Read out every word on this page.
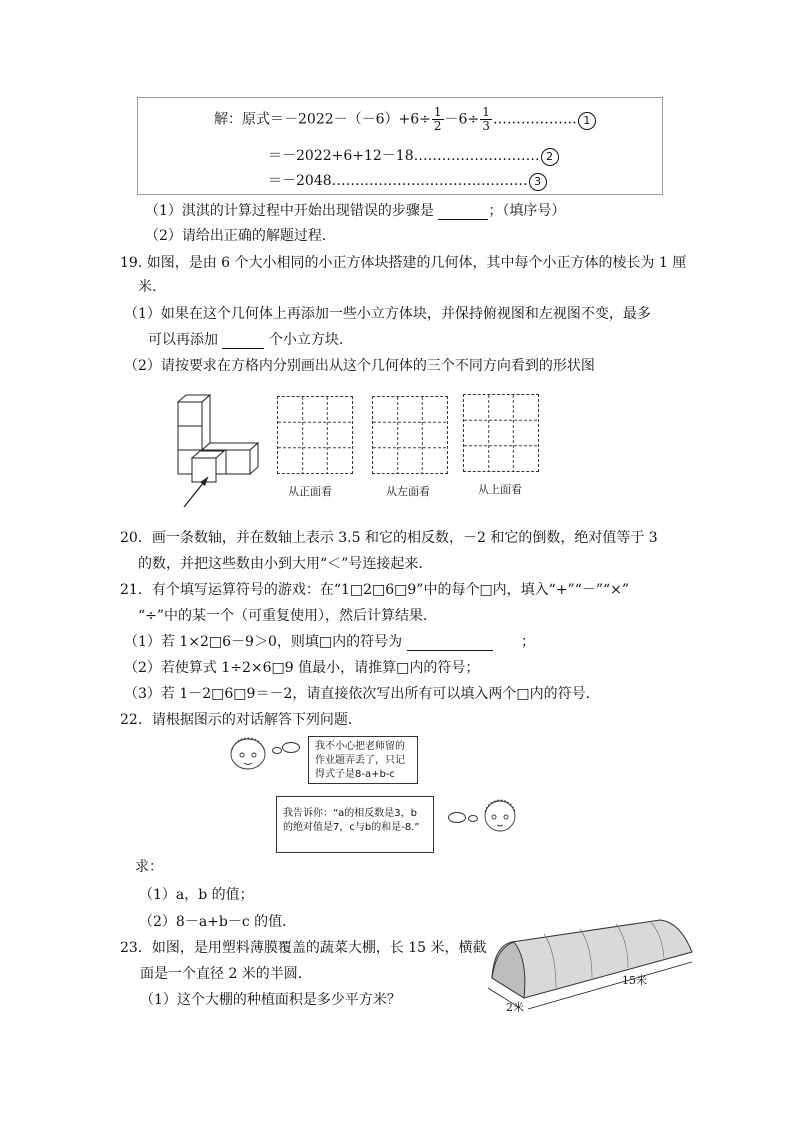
解：原式$=-2022-(-6)+6\div \frac{1}{2} -6\div \frac{1}{3}$ ……………… 1
＝－2022+6+12－18……………………… 2
＝－2048…………………………………… 3
（1）淇淇的计算过程中开始出现错误的步骤是	；（填序号）
（2）请给出正确的解题过程．
19. 如图，是由 6 个大小相同的小正方体块搭建的几何体，其中每个小正方体的棱长为 1 厘
米.
（1）如果在这个几何体上再添加一些小立方体块，并保持俯视图和左视图不变，最多
可以再添加	个小立方块.
（2）请按要求在方格内分别画出从这个几何体的三个不同方向看到的形状图
从正面看	从左面看	从上面看
20．画一条数轴，并在数轴上表示 3.5 和它的相反数，－2 和它的倒数，绝对值等于 3
的数，并把这些数由小到大用“＜”号连接起来．
21．有个填写运算符号的游戏：在“1□2□6□9”中的每个□内，填入“+”“－”“×”
“÷”中的某一个（可重复使用），然后计算结果．
（1）若 1×2□6－9＞0，则填□内的符号为	；
（2）若使算式 1÷2×6□9 值最小，请推算□内的符号；
（3）若 1－2□6□9＝－2，请直接依次写出所有可以填入两个□内的符号．
22．请根据图示的对话解答下列问题．
我不小心把老师留的作业题弄丢了，只记得式子是8-a+b-c
我告诉你：“a的相反数是3，b的绝对值是7，c与b的和是-8.”
求：
（1）a，b 的值；
（2）8－a+b－c 的值．
23．如图，是用塑料薄膜覆盖的蔬菜大棚，长 15 米，横截
面是一个直径 2 米的半圆．
（1）这个大棚的种植面积是多少平方米？
15米
2米
